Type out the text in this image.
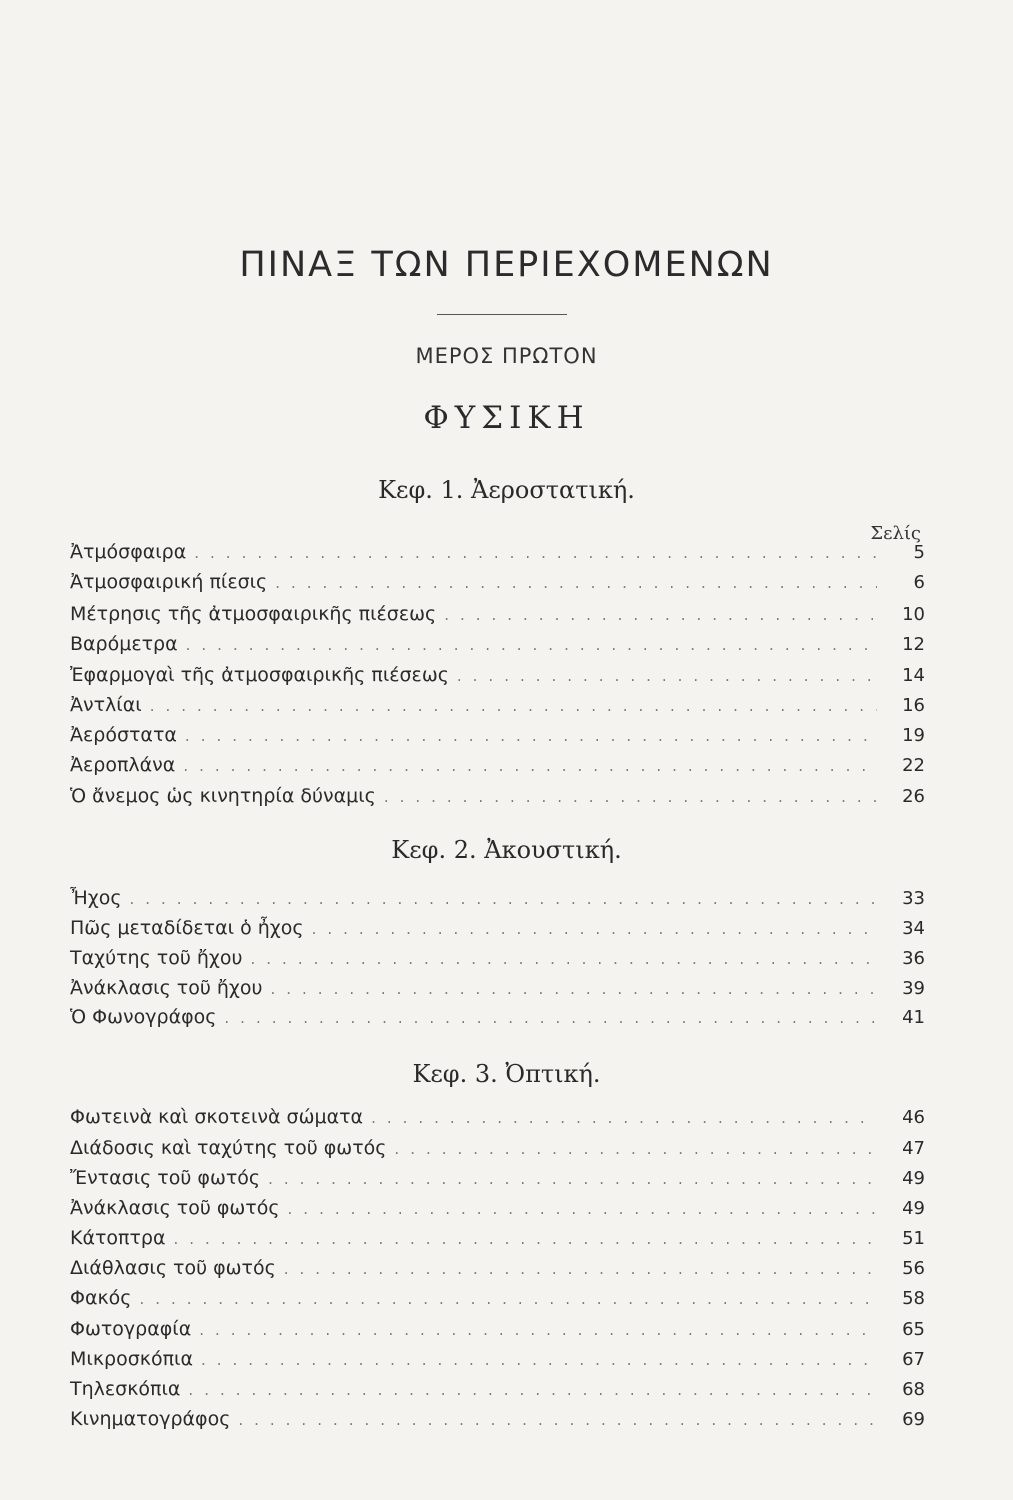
ΠΙΝΑΞ ΤΩΝ ΠΕΡΙΕΧΟΜΕΝΩΝ
ΜΕΡΟΣ ΠΡΩΤΟΝ
ΦΥΣΙΚΗ
Κεφ. 1. Ἀεροστατική.
Σελίς
Ἀτμόσφαιρα .....	5
Ἀτμοσφαιρική πίεσις .....	6
Μέτρησις τῆς ἀτμοσφαιρικῆς πιέσεως .....	10
Βαρόμετρα .....	12
Ἐφαρμογαὶ τῆς ἀτμοσφαιρικῆς πιέσεως .....	14
Ἀντλίαι .....	16
Ἀερόστατα .....	19
Ἀεροπλάνα .....	22
Ὁ ἄνεμος ὡς κινητηρία δύναμις .....	26
Κεφ. 2. Ἀκουστική.
Ἦχος .....	33
Πῶς μεταδίδεται ὁ ἦχος .....	34
Ταχύτης τοῦ ἤχου .....	36
Ἀνάκλασις τοῦ ἤχου .....	39
Ὁ Φωνογράφος .....	41
Κεφ. 3. Ὀπτική.
Φωτεινὰ καὶ σκοτεινὰ σώματα .....	46
Διάδοσις καὶ ταχύτης τοῦ φωτός .....	47
Ἔντασις τοῦ φωτός .....	49
Ἀνάκλασις τοῦ φωτός .....	49
Κάτοπτρα .....	51
Διάθλασις τοῦ φωτός .....	56
Φακός .....	58
Φωτογραφία .....	65
Μικροσκόπια .....	67
Τηλεσκόπια .....	68
Κινηματογράφος .....	69
